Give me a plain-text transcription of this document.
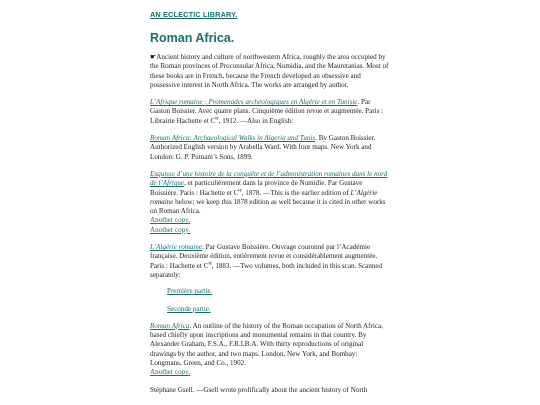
AN ECLECTIC LIBRARY.
Roman Africa.

☛Ancient history and culture of northwestern Africa, roughly the area occupied by the Roman provinces of Proconsular Africa, Numidia, and the Mauretanias. Most of these books are in French, because the French developed an obsessive and possessive interest in North Africa. The works are arranged by author.

L’Afrique romaine : Promenades archéologiques en Algérie et en Tunisie. Par Gaston Boissier. Avec quatre plans. Cinquième édition revue et augmentée. Paris : Librairie Hachette et $C^{ie}$, 1912. —Also in English:

Roman Africa: Archaeological Walks in Algeria and Tunis. By Gaston Boissier. Authorized English version by Arabella Ward. With four maps. New York and London: G. P. Putnam’s Sons, 1899.

Esquisse d’une histoire de la conquête et de l’administration romaines dans le nord de l’Afrique, et particulièrement dans la province de Numidie. Par Gustave Boissière. Paris : Hachette et $C^{ie}$, 1878. —This is the earlier edition of L’Algérie romaine below; we keep this 1878 edition as well because it is cited in other works on Roman Africa.

Another copy.
Another copy.

L’Algérie romaine. Par Gustave Boissière. Ouvrage couronné par l’Académie française. Deuxième édition, entièrement revue et considérablement augmentée. Paris : Hachette et $C^{ie}$, 1883. —Two volumes, both included in this scan. Scanned separately:

Première partie.
Seconde partie.

Roman Africa. An outline of the history of the Roman occupation of North Africa, based chiefly upon inscriptions and monumental remains in that country. By Alexander Graham, F.S.A., F.R.I.B.A. With thirty reproductions of original drawings by the author, and two maps. London, New York, and Bombay: Longmans, Green, and Co., 1902.

Another copy.

Stéphane Gsell. —Gsell wrote prolifically about the ancient history of North
